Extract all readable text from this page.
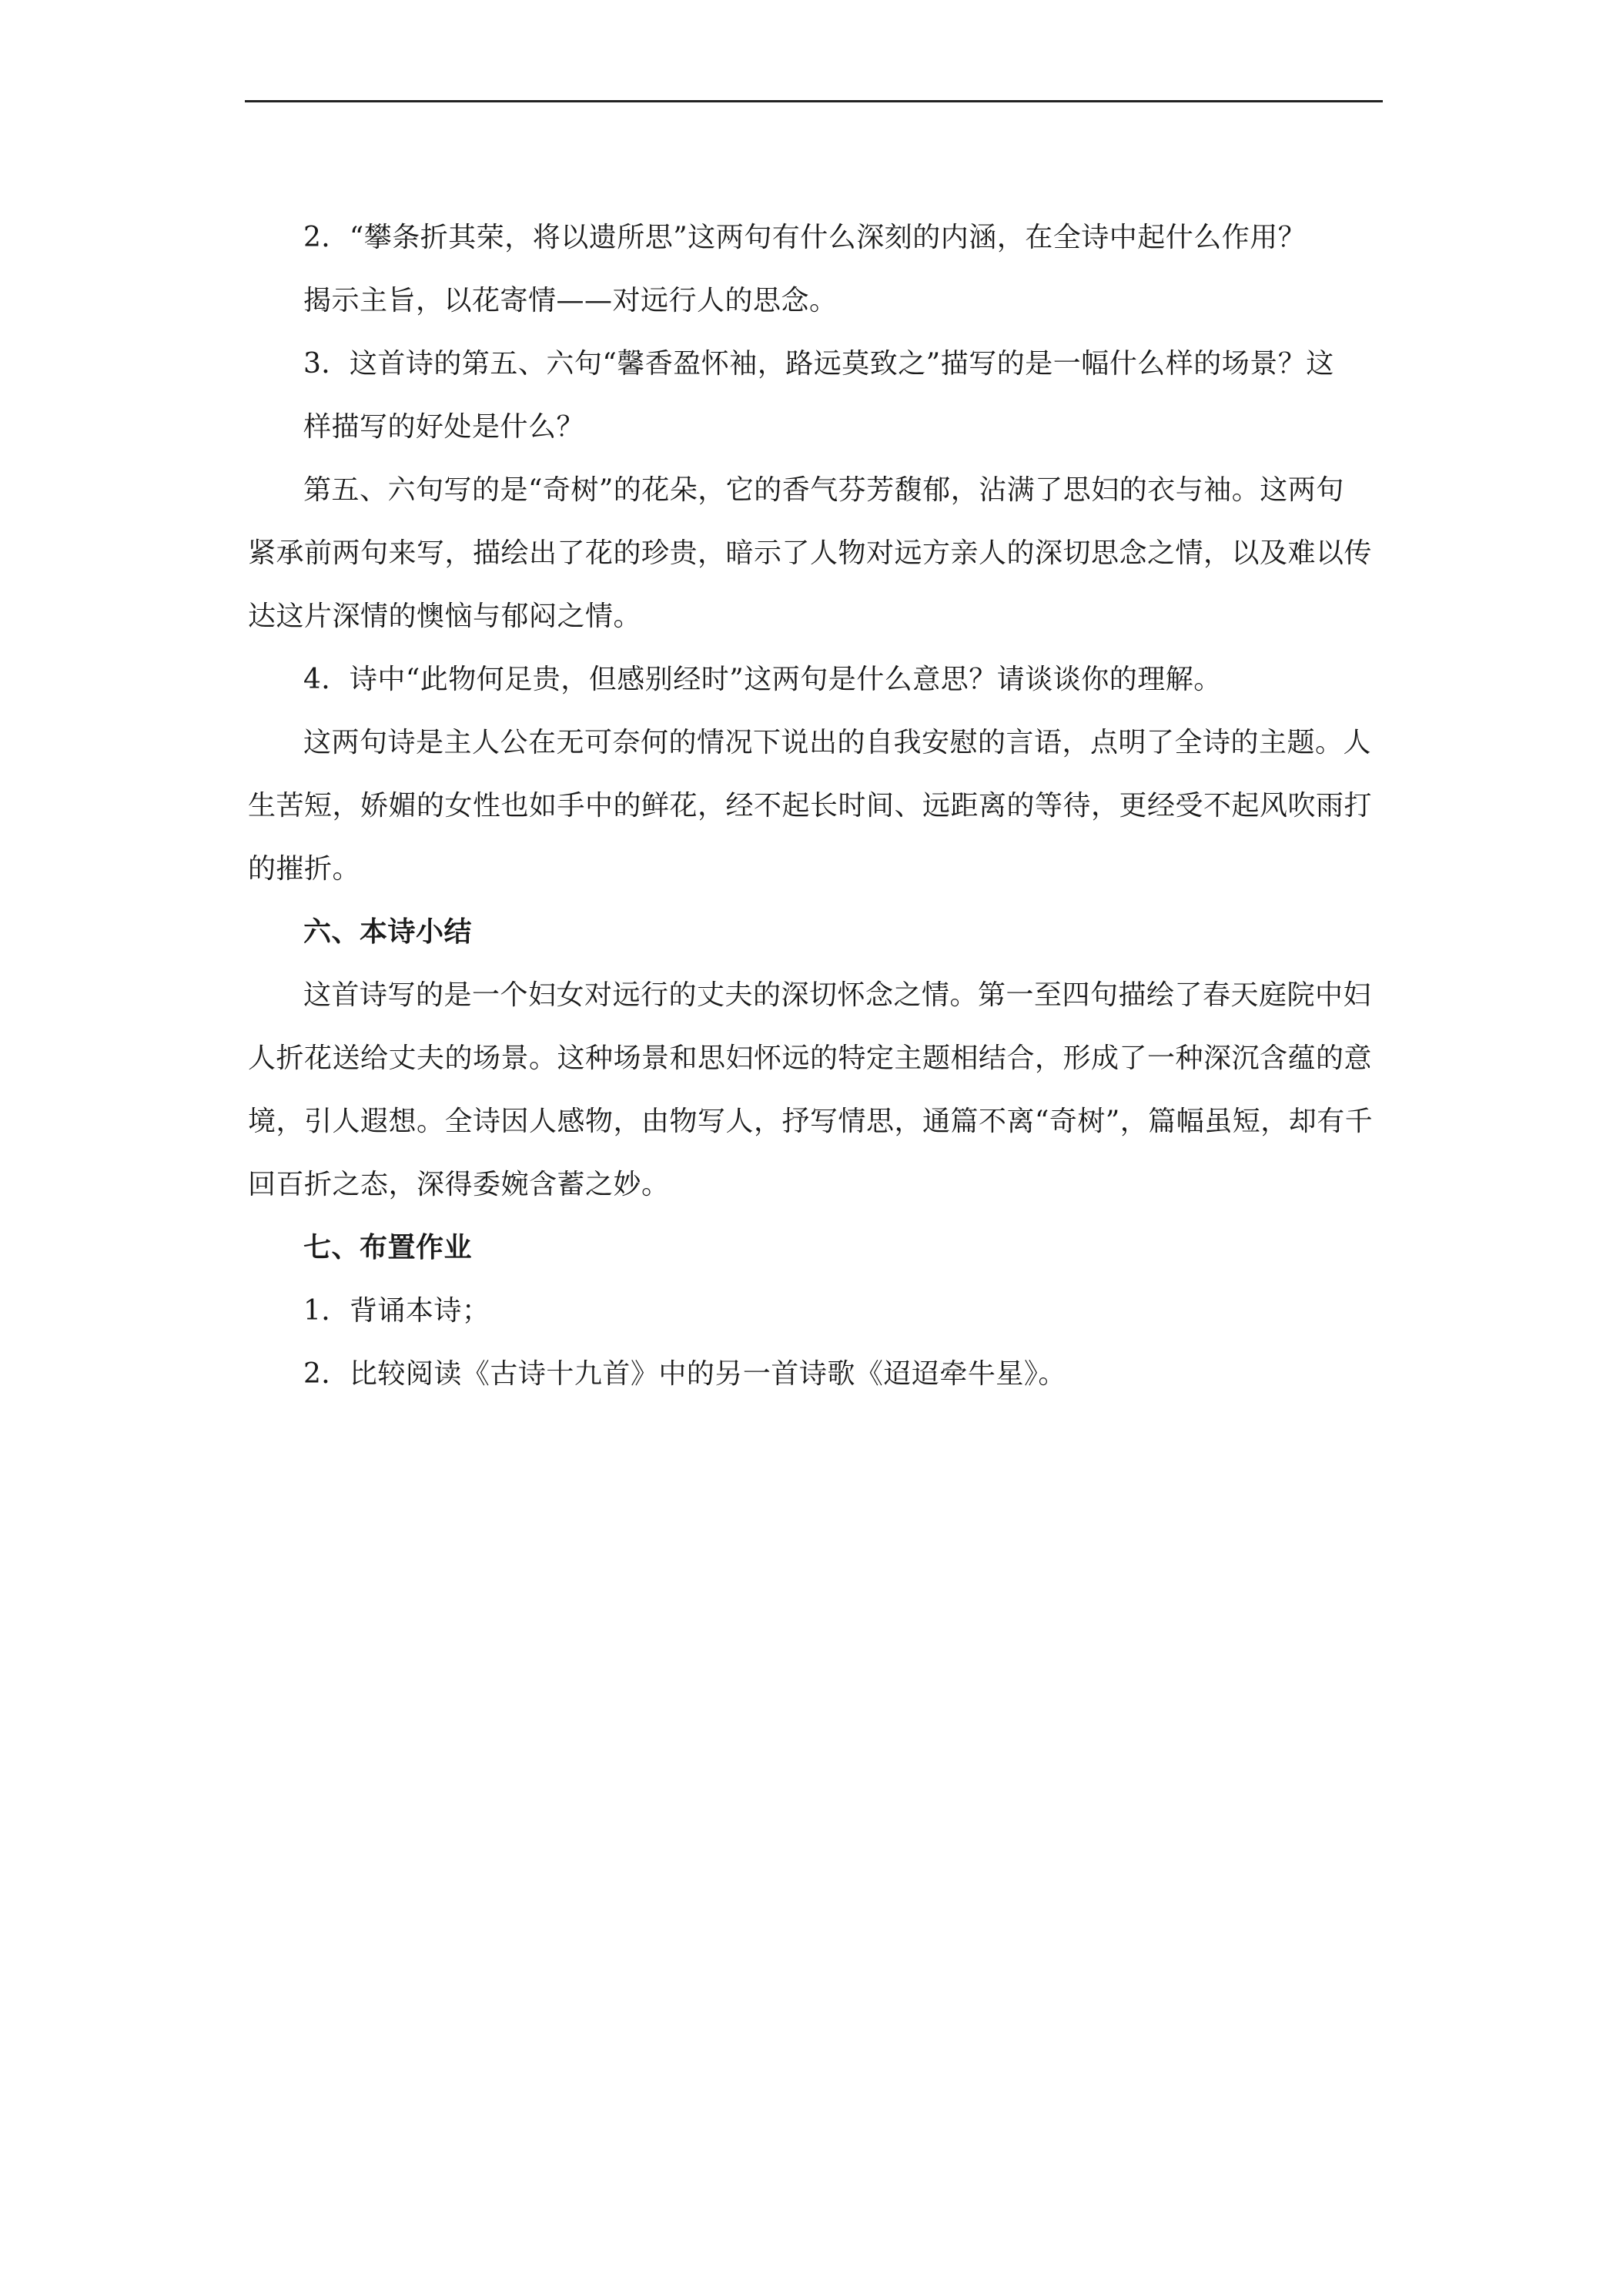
2．“攀条折其荣，将以遗所思”这两句有什么深刻的内涵，在全诗中起什么作用？
揭示主旨，以花寄情——对远行人的思念。
3．这首诗的第五、六句“馨香盈怀袖，路远莫致之”描写的是一幅什么样的场景？这
样描写的好处是什么？
第五、六句写的是“奇树”的花朵，它的香气芬芳馥郁，沾满了思妇的衣与袖。这两句
紧承前两句来写，描绘出了花的珍贵，暗示了人物对远方亲人的深切思念之情，以及难以传
达这片深情的懊恼与郁闷之情。
4．诗中“此物何足贵，但感别经时”这两句是什么意思？请谈谈你的理解。
这两句诗是主人公在无可奈何的情况下说出的自我安慰的言语，点明了全诗的主题。人
生苦短，娇媚的女性也如手中的鲜花，经不起长时间、远距离的等待，更经受不起风吹雨打
的摧折。
六、本诗小结
这首诗写的是一个妇女对远行的丈夫的深切怀念之情。第一至四句描绘了春天庭院中妇
人折花送给丈夫的场景。这种场景和思妇怀远的特定主题相结合，形成了一种深沉含蕴的意
境，引人遐想。全诗因人感物，由物写人，抒写情思，通篇不离“奇树”，篇幅虽短，却有千
回百折之态，深得委婉含蓄之妙。
七、布置作业
1．背诵本诗；
2．比较阅读《古诗十九首》中的另一首诗歌《迢迢牵牛星》。
